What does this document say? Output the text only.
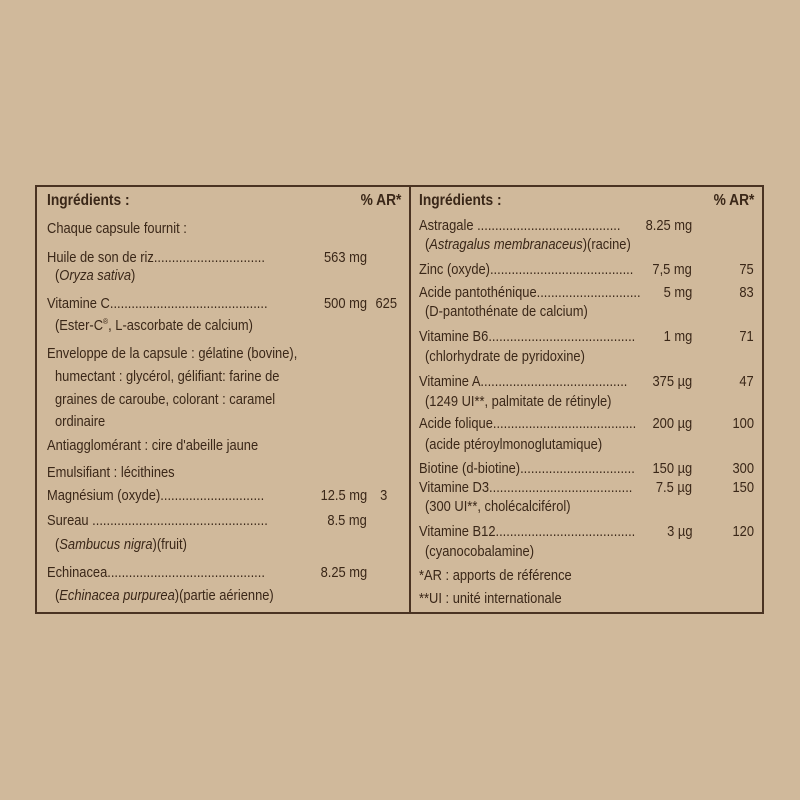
Ingrédients :	% AR*
Chaque capsule fournit :
Huile de son de riz...............................	563 mg
(Oryza sativa)
Vitamine C............................................	500 mg 625
(Ester-C®, L-ascorbate de calcium)
Enveloppe de la capsule : gélatine (bovine),
humectant : glycérol, gélifiant: farine de
graines de caroube, colorant : caramel
ordinaire
Antiagglomérant : cire d'abeille jaune
Emulsifiant : lécithines
Magnésium (oxyde).............................	12.5 mg 3
Sureau .................................................	8.5 mg
(Sambucus nigra)(fruit)
Echinacea............................................	8.25 mg
(Echinacea purpurea)(partie aérienne)
Ingrédients :	% AR*
Astragale ........................................ 8.25 mg
(Astragalus membranaceus)(racine)
Zinc (oxyde)........................................ 7,5 mg	75
Acide pantothénique............................. 5 mg	83
(D-pantothénate de calcium)
Vitamine B6......................................... 1 mg	71
(chlorhydrate de pyridoxine)
Vitamine A......................................... 375 µg	47
(1249 UI**, palmitate de rétinyle)
Acide folique........................................ 200 µg	100
(acide ptéroylmonoglutamique)
Biotine (d-biotine)................................ 150 µg	300
Vitamine D3........................................ 7.5 µg	150
(300 UI**, cholécalciférol)
Vitamine B12....................................... 3 µg	120
(cyanocobalamine)
*AR : apports de référence
**UI : unité internationale
